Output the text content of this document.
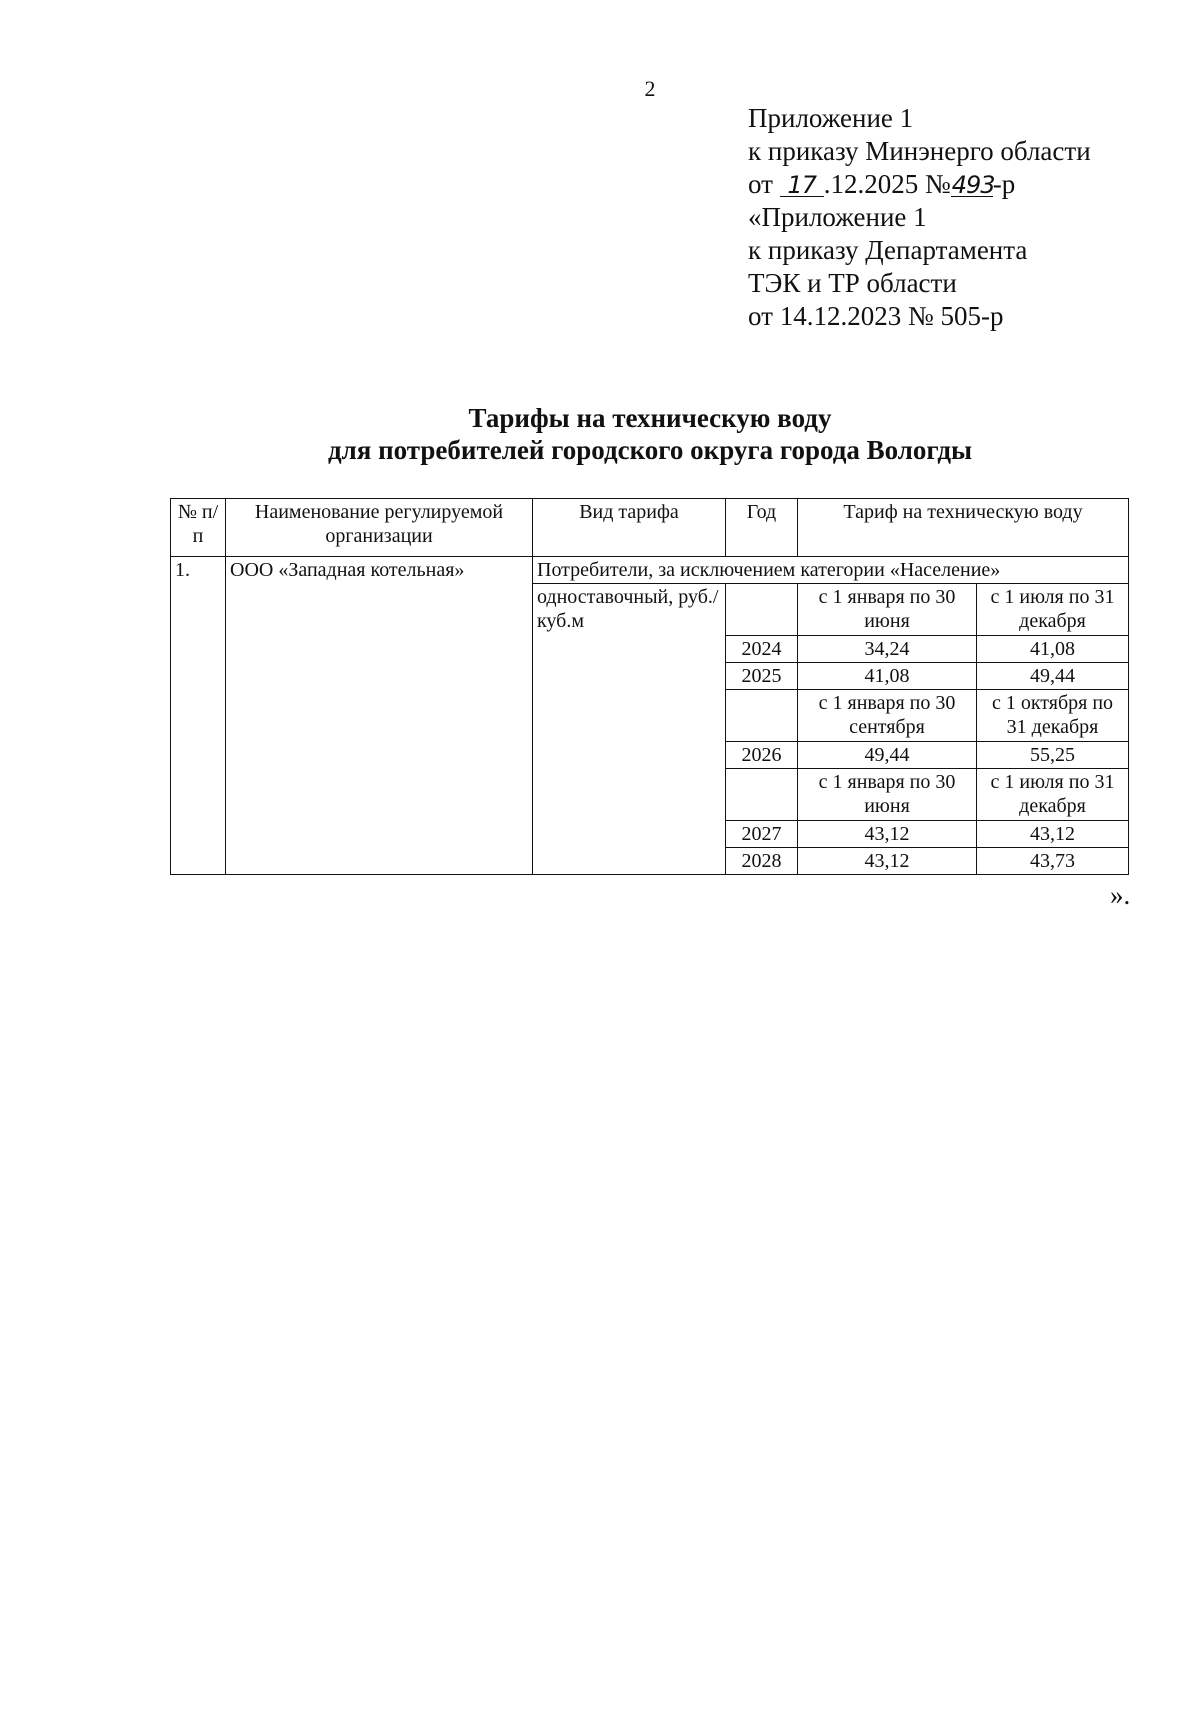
2
Приложение 1
к приказу Минэнерго области
от 17 .12.2025 №493-р
«Приложение 1
к приказу Департамента
ТЭК и ТР области
от 14.12.2023 № 505-р
Тарифы на техническую воду
для потребителей городского округа города Вологды
№ п/п	Наименование регулируемой организации	Вид тарифа	Год	Тариф на техническую воду	
1.	ООО «Западная котельная»	Потребители, за исключением категории «Население»			
		одноставочный, руб./куб.м		с 1 января по 30 июня	с 1 июля по 31 декабря
			2024	34,24	41,08
			2025	41,08	49,44
				с 1 января по 30 сентября	с 1 октября по 31 декабря
			2026	49,44	55,25
				с 1 января по 30 июня	с 1 июля по 31 декабря
			2027	43,12	43,12
			2028	43,12	43,73
».
